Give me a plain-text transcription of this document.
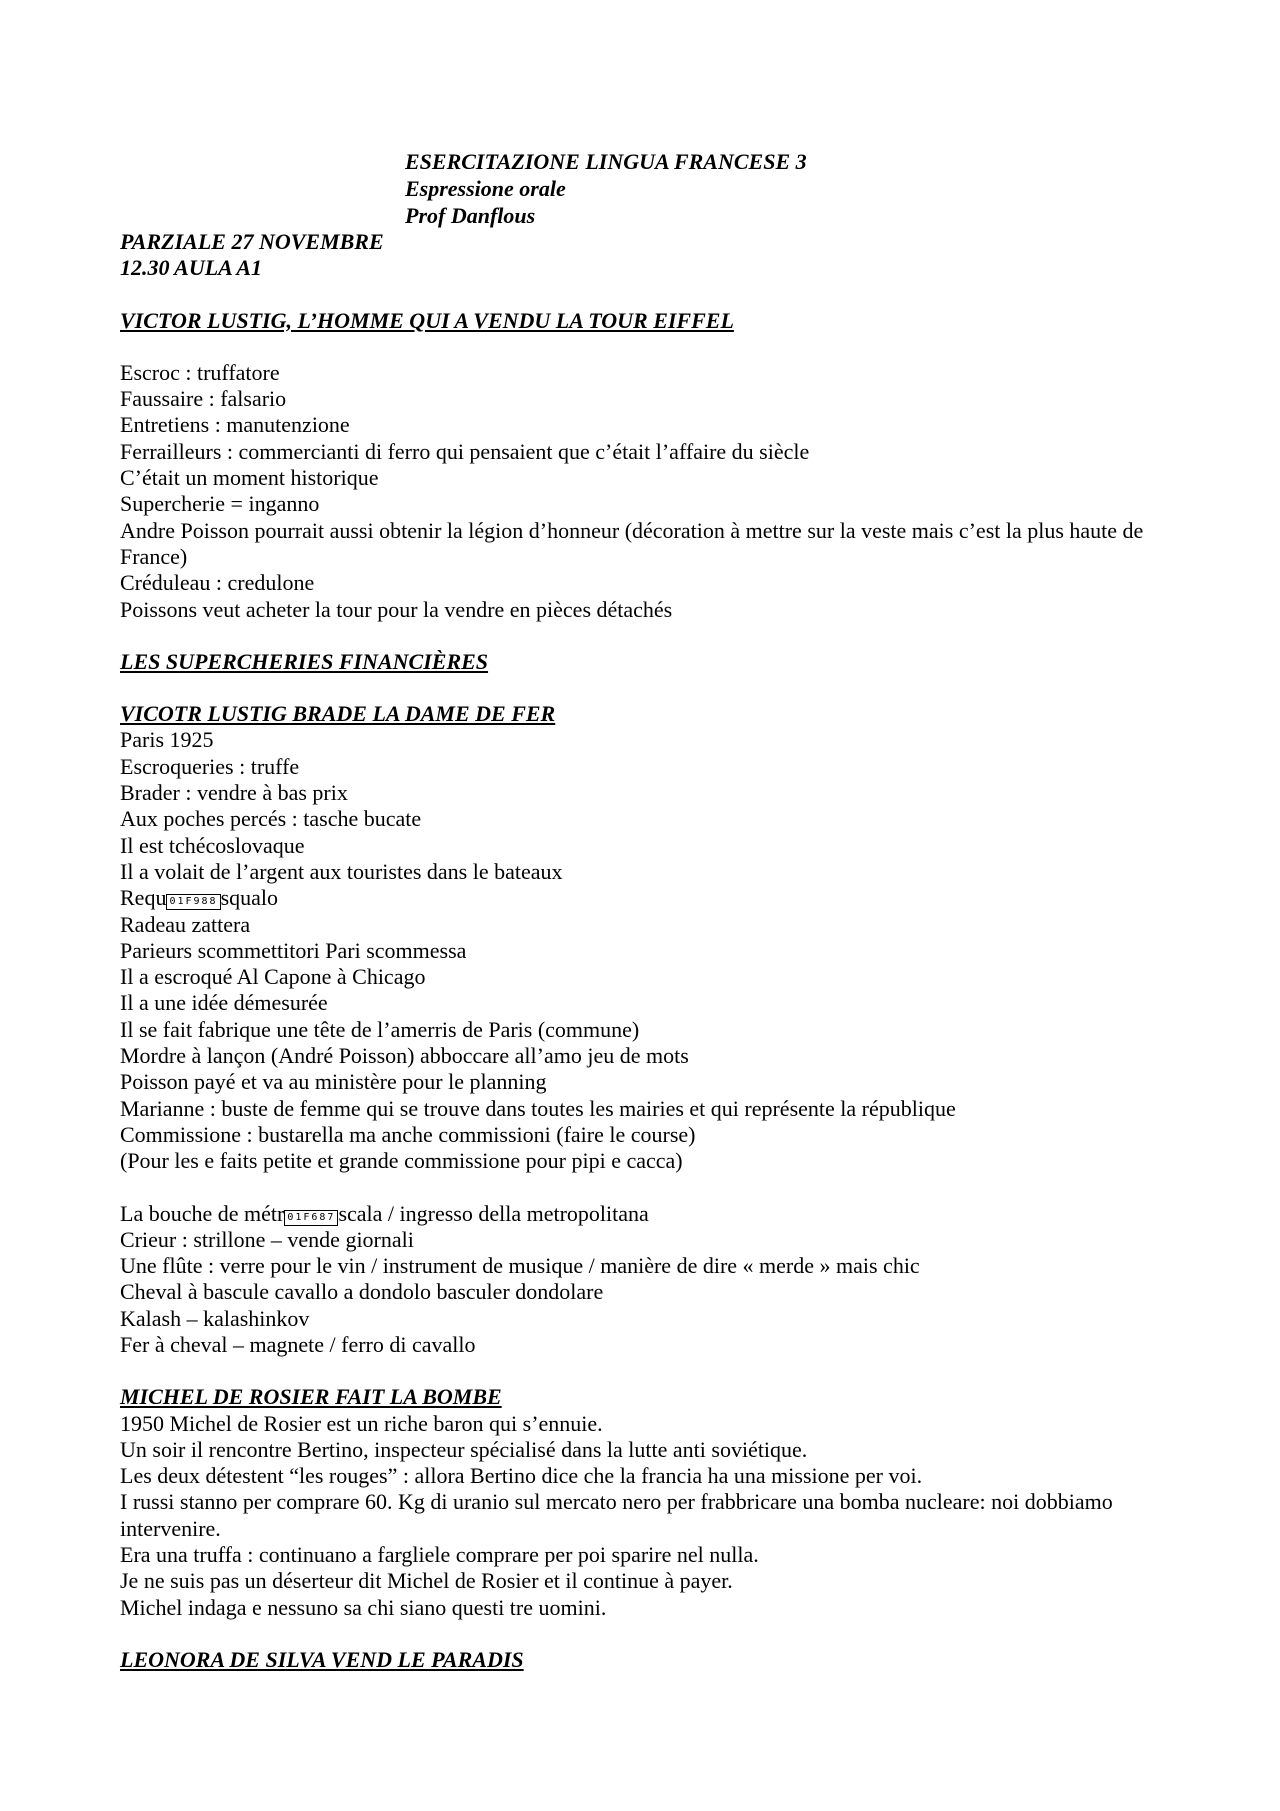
ESERCITAZIONE LINGUA FRANCESE 3
Espressione orale
Prof Danflous
PARZIALE 27 NOVEMBRE
12.30 AULA A1
VICTOR LUSTIG, L’HOMME QUI A VENDU LA TOUR EIFFEL
Escroc : truffatore
Faussaire : falsario
Entretiens : manutenzione
Ferrailleurs : commercianti di ferro qui pensaient que c’était l’affaire du siècle
C’était un moment historique
Supercherie = inganno
Andre Poisson pourrait aussi obtenir la légion d’honneur (décoration à mettre sur la veste mais c’est la plus haute de France)
Créduleau : credulone
Poissons veut acheter la tour pour la vendre en pièces détachés
LES SUPERCHERIES FINANCIÈRES
VICOTR LUSTIG BRADE LA DAME DE FER
Paris 1925
Escroqueries : truffe
Brader : vendre à bas prix
Aux poches percés : tasche bucate
Il est tchécoslovaque
Il a volait de l’argent aux touristes dans le bateaux
Requ 01F988 squalo
Radeau zattera
Parieurs scommettitori Pari scommessa
Il a escroqué Al Capone à Chicago
Il a une idée démesurée
Il se fait fabrique une tête de l’amerris de Paris (commune)
Mordre à lançon (André Poisson) abboccare all’amo jeu de mots
Poisson payé et va au ministère pour le planning
Marianne : buste de femme qui se trouve dans toutes les mairies et qui représente la république
Commissione : bustarella ma anche commissioni (faire le course)
(Pour les e faits petite et grande commissione pour pipi e cacca)
La bouche de métr 01F687 scala / ingresso della metropolitana
Crieur : strillone – vende giornali
Une flûte : verre pour le vin / instrument de musique / manière de dire « merde » mais chic
Cheval à bascule cavallo a dondolo basculer dondolare
Kalash – kalashinkov
Fer à cheval – magnete / ferro di cavallo
MICHEL DE ROSIER FAIT LA BOMBE
1950 Michel de Rosier est un riche baron qui s’ennuie.
Un soir il rencontre Bertino, inspecteur spécialisé dans la lutte anti soviétique.
Les deux détestent “les rouges” : allora Bertino dice che la francia ha una missione per voi.
I russi stanno per comprare 60. Kg di uranio sul mercato nero per frabbricare una bomba nucleare: noi dobbiamo intervenire.
Era una truffa : continuano a fargliele comprare per poi sparire nel nulla.
Je ne suis pas un déserteur dit Michel de Rosier et il continue à payer.
Michel indaga e nessuno sa chi siano questi tre uomini.
LEONORA DE SILVA VEND LE PARADIS
